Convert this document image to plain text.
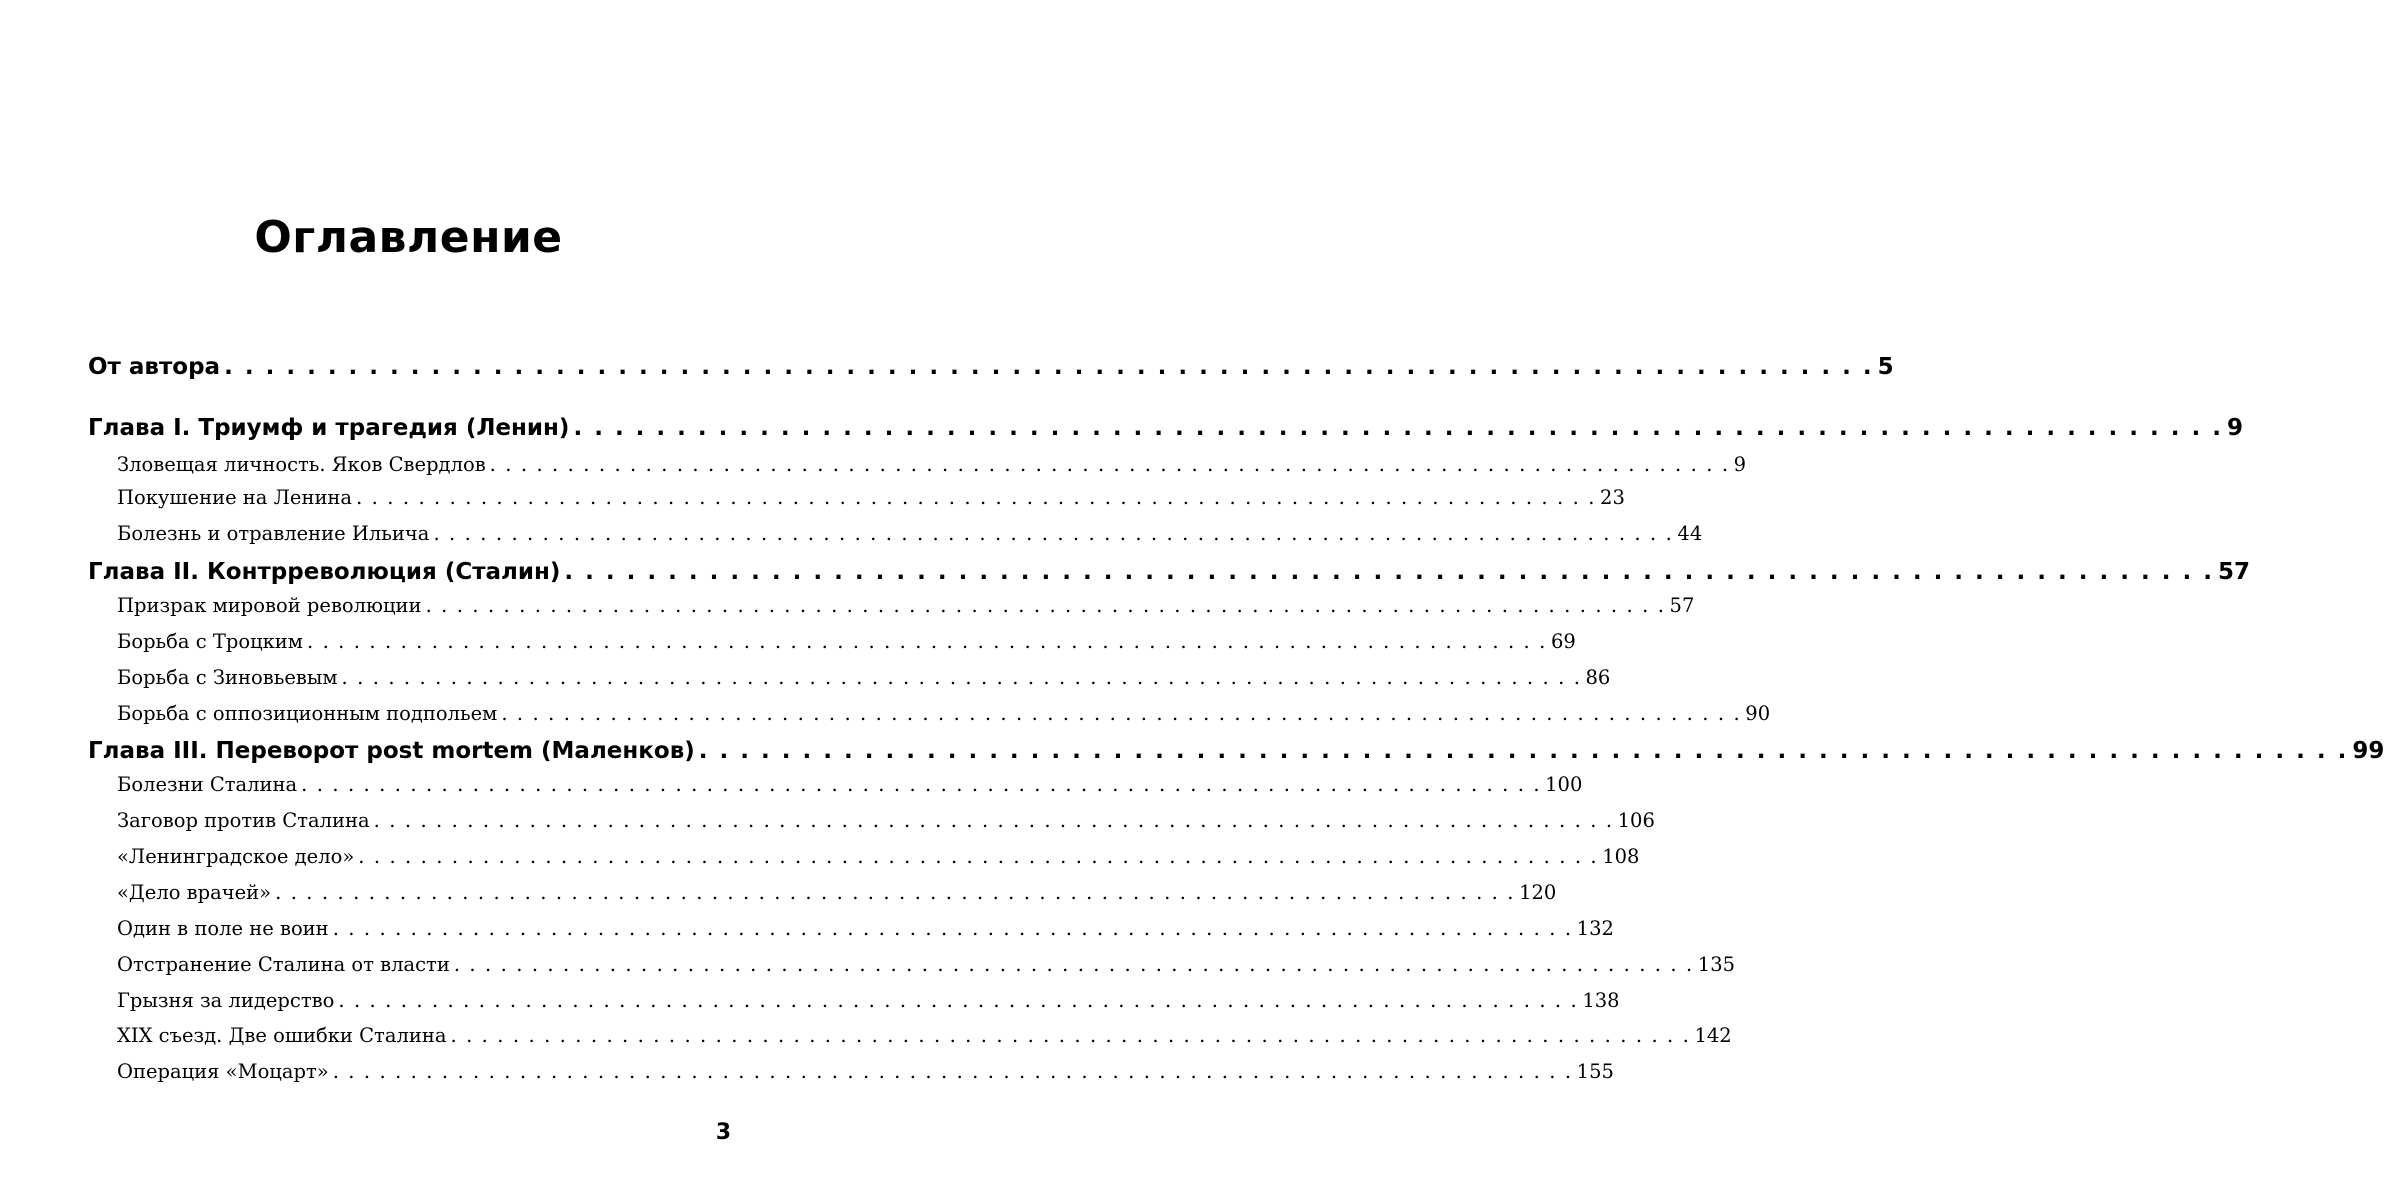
Оглавление
От автора . . . . . . . . . . . . . . . . . . . . . . . . . . . . . . . . . . . . . . . . . . . . . . . . . . . . . . . . . . . . . . . . . . . . . . . . . . . . . . . . 5
Глава I. Триумф и трагедия (Ленин) . . . . . . . . . . . . . . . . . . . . . . . . . . . . . . . . . . . . . . . . . . . . . . . . . . . . . . . . . . . . . . . . . . . . . . . . . . . . . . . . 9
Зловещая личность. Яков Свердлов . . . . . . . . . . . . . . . . . . . . . . . . . . . . . . . . . . . . . . . . . . . . . . . . . . . . . . . . . . . . . . . . . . . . . . . . . . . . . . . . 9
Покушение на Ленина . . . . . . . . . . . . . . . . . . . . . . . . . . . . . . . . . . . . . . . . . . . . . . . . . . . . . . . . . . . . . . . . . . . . . . . . . . . . . . . . 23
Болезнь и отравление Ильича . . . . . . . . . . . . . . . . . . . . . . . . . . . . . . . . . . . . . . . . . . . . . . . . . . . . . . . . . . . . . . . . . . . . . . . . . . . . . . . . 44
Глава II. Контрреволюция (Сталин) . . . . . . . . . . . . . . . . . . . . . . . . . . . . . . . . . . . . . . . . . . . . . . . . . . . . . . . . . . . . . . . . . . . . . . . . . . . . . . . . 57
Призрак мировой революции . . . . . . . . . . . . . . . . . . . . . . . . . . . . . . . . . . . . . . . . . . . . . . . . . . . . . . . . . . . . . . . . . . . . . . . . . . . . . . . . 57
Борьба с Троцким . . . . . . . . . . . . . . . . . . . . . . . . . . . . . . . . . . . . . . . . . . . . . . . . . . . . . . . . . . . . . . . . . . . . . . . . . . . . . . . . 69
Борьба с Зиновьевым . . . . . . . . . . . . . . . . . . . . . . . . . . . . . . . . . . . . . . . . . . . . . . . . . . . . . . . . . . . . . . . . . . . . . . . . . . . . . . . . 86
Борьба с оппозиционным подпольем . . . . . . . . . . . . . . . . . . . . . . . . . . . . . . . . . . . . . . . . . . . . . . . . . . . . . . . . . . . . . . . . . . . . . . . . . . . . . . . . 90
Глава III. Переворот post mortem (Маленков) . . . . . . . . . . . . . . . . . . . . . . . . . . . . . . . . . . . . . . . . . . . . . . . . . . . . . . . . . . . . . . . . . . . . . . . . . . . . . . . . 99
Болезни Сталина . . . . . . . . . . . . . . . . . . . . . . . . . . . . . . . . . . . . . . . . . . . . . . . . . . . . . . . . . . . . . . . . . . . . . . . . . . . . . . . . 100
Заговор против Сталина . . . . . . . . . . . . . . . . . . . . . . . . . . . . . . . . . . . . . . . . . . . . . . . . . . . . . . . . . . . . . . . . . . . . . . . . . . . . . . . . 106
«Ленинградское дело» . . . . . . . . . . . . . . . . . . . . . . . . . . . . . . . . . . . . . . . . . . . . . . . . . . . . . . . . . . . . . . . . . . . . . . . . . . . . . . . . 108
«Дело врачей» . . . . . . . . . . . . . . . . . . . . . . . . . . . . . . . . . . . . . . . . . . . . . . . . . . . . . . . . . . . . . . . . . . . . . . . . . . . . . . . . 120
Один в поле не воин . . . . . . . . . . . . . . . . . . . . . . . . . . . . . . . . . . . . . . . . . . . . . . . . . . . . . . . . . . . . . . . . . . . . . . . . . . . . . . . . 132
Отстранение Сталина от власти . . . . . . . . . . . . . . . . . . . . . . . . . . . . . . . . . . . . . . . . . . . . . . . . . . . . . . . . . . . . . . . . . . . . . . . . . . . . . . . . 135
Грызня за лидерство . . . . . . . . . . . . . . . . . . . . . . . . . . . . . . . . . . . . . . . . . . . . . . . . . . . . . . . . . . . . . . . . . . . . . . . . . . . . . . . . 138
XIX съезд. Две ошибки Сталина . . . . . . . . . . . . . . . . . . . . . . . . . . . . . . . . . . . . . . . . . . . . . . . . . . . . . . . . . . . . . . . . . . . . . . . . . . . . . . . . 142
Операция «Моцарт» . . . . . . . . . . . . . . . . . . . . . . . . . . . . . . . . . . . . . . . . . . . . . . . . . . . . . . . . . . . . . . . . . . . . . . . . . . . . . . . . 155
3
